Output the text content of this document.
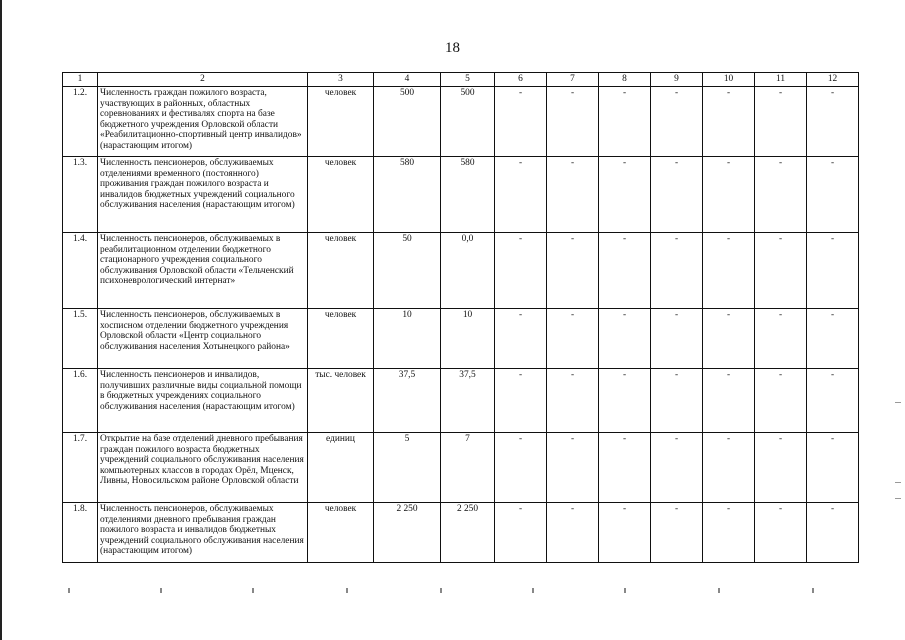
18
1	2	3	4	5	6	7	8	9	10	11	12
1.2.	Численность граждан пожилого возраста, участвующих в районных, областных соревнованиях и фестивалях спорта на базе бюджетного учреждения Орловской области «Реабилитационно-спортивный центр инвалидов» (нарастающим итогом)	человек	500	500	-	-	-	-	-	-	-
1.3.	Численность пенсионеров, обслуживаемых отделениями временного (постоянного) проживания граждан пожилого возраста и инвалидов бюджетных учреждений социального обслуживания населения (нарастающим итогом)	человек	580	580	-	-	-	-	-	-	-
1.4.	Численность пенсионеров, обслуживаемых в реабилитационном отделении бюджетного стационарного учреждения социального обслуживания Орловской области «Тельченский психоневрологический интернат»	человек	50	0,0	-	-	-	-	-	-	-
1.5.	Численность пенсионеров, обслуживаемых в хосписном отделении бюджетного учреждения Орловской области «Центр социального обслуживания населения Хотынецкого района»	человек	10	10	-	-	-	-	-	-	-
1.6.	Численность пенсионеров и инвалидов, получивших различные виды социальной помощи в бюджетных учреждениях социального обслуживания населения (нарастающим итогом)	тыс. человек	37,5	37,5	-	-	-	-	-	-	-
1.7.	Открытие на базе отделений дневного пребывания граждан пожилого возраста бюджетных учреждений социального обслуживания населения компьютерных классов в городах Орёл, Мценск, Ливны, Новосильском районе Орловской области	единиц	5	7	-	-	-	-	-	-	-
1.8.	Численность пенсионеров, обслуживаемых отделениями дневного пребывания граждан пожилого возраста и инвалидов бюджетных учреждений социального обслуживания населения (нарастающим итогом)	человек	2 250	2 250	-	-	-	-	-	-	-
